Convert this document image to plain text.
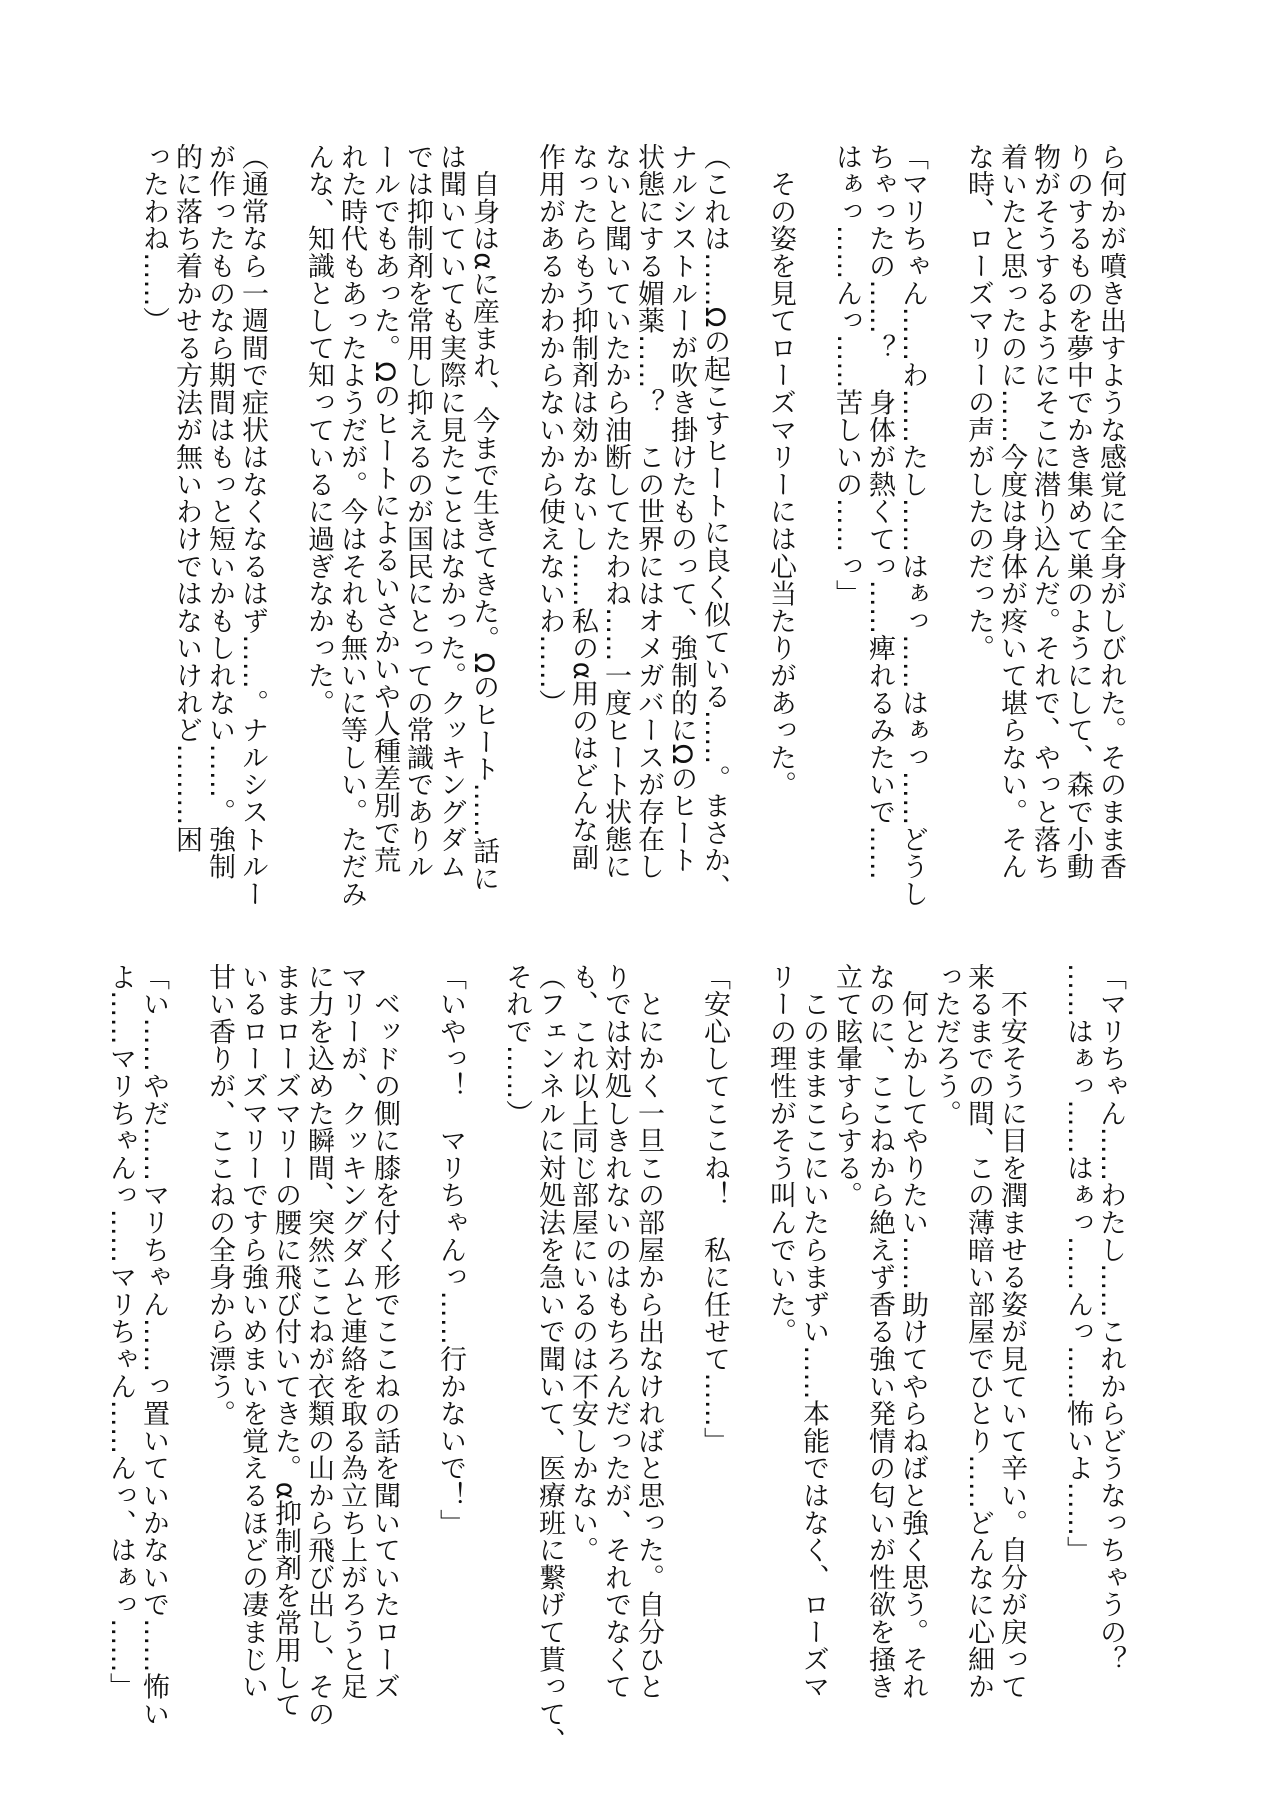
ら何かが噴き出すような感覚に全身がしびれた。そのまま香
りのするものを夢中でかき集めて巣のようにして、森で小動
物がそうするようにそこに潜り込んだ。それで、やっと落ち
着いたと思ったのに……今度は身体が疼いて堪らない。そん
な時、ローズマリーの声がしたのだった。
「マリちゃん……わ……たし……はぁっ……はぁっ……どうし
ちゃったの……？　身体が熱くてっ……痺れるみたいで……
はぁっ……んっ……苦しいの……っ」
　その姿を見てローズマリーには心当たりがあった。
（これは……Ωの起こすヒートに良く似ている……。まさか、
ナルシストルーが吹き掛けたものって、強制的にΩのヒート
状態にする媚薬……？　この世界にはオメガバースが存在し
ないと聞いていたから油断してたわね……一度ヒート状態に
なったらもう抑制剤は効かないし……私のα用のはどんな副
作用があるかわからないから使えないわ……）
　自身はαに産まれ、今まで生きてきた。Ωのヒート……話に
は聞いていても実際に見たことはなかった。クッキングダム
では抑制剤を常用し抑えるのが国民にとっての常識でありル
ールでもあった。Ωのヒートによるいさかいや人種差別で荒
れた時代もあったようだが。今はそれも無いに等しい。ただみ
んな、知識として知っているに過ぎなかった。
（通常なら一週間で症状はなくなるはず……。ナルシストルー
が作ったものなら期間はもっと短いかもしれない……。強制
的に落ち着かせる方法が無いわけではないけれど………困
ったわね……）
「マリちゃん……わたし……これからどうなっちゃうの？
……はぁっ……はぁっ……んっ……怖いよ……」
　不安そうに目を潤ませる姿が見ていて辛い。自分が戻って
来るまでの間、この薄暗い部屋でひとり……どんなに心細か
っただろう。
　何とかしてやりたい……助けてやらねばと強く思う。それ
なのに、ここねから絶えず香る強い発情の匂いが性欲を掻き
立て眩暈すらする。
　このままここにいたらまずい……本能ではなく、ローズマ
リーの理性がそう叫んでいた。
「安心してここね！　私に任せて……」
　とにかく一旦この部屋から出なければと思った。自分ひと
りでは対処しきれないのはもちろんだったが、それでなくて
も、これ以上同じ部屋にいるのは不安しかない。
（フェンネルに対処法を急いで聞いて、医療班に繋げて貰って、
それで……）
「いやっ！　マリちゃんっ……行かないで！」
　ベッドの側に膝を付く形でここねの話を聞いていたローズ
マリーが、クッキングダムと連絡を取る為立ち上がろうと足
に力を込めた瞬間、突然ここねが衣類の山から飛び出し、その
ままローズマリーの腰に飛び付いてきた。α抑制剤を常用して
いるローズマリーですら強いめまいを覚えるほどの凄まじい
甘い香りが、ここねの全身から漂う。
「い……やだ……マリちゃん……っ置いていかないで……怖い
よ……マリちゃんっ……マリちゃん……んっ、はぁっ……」
